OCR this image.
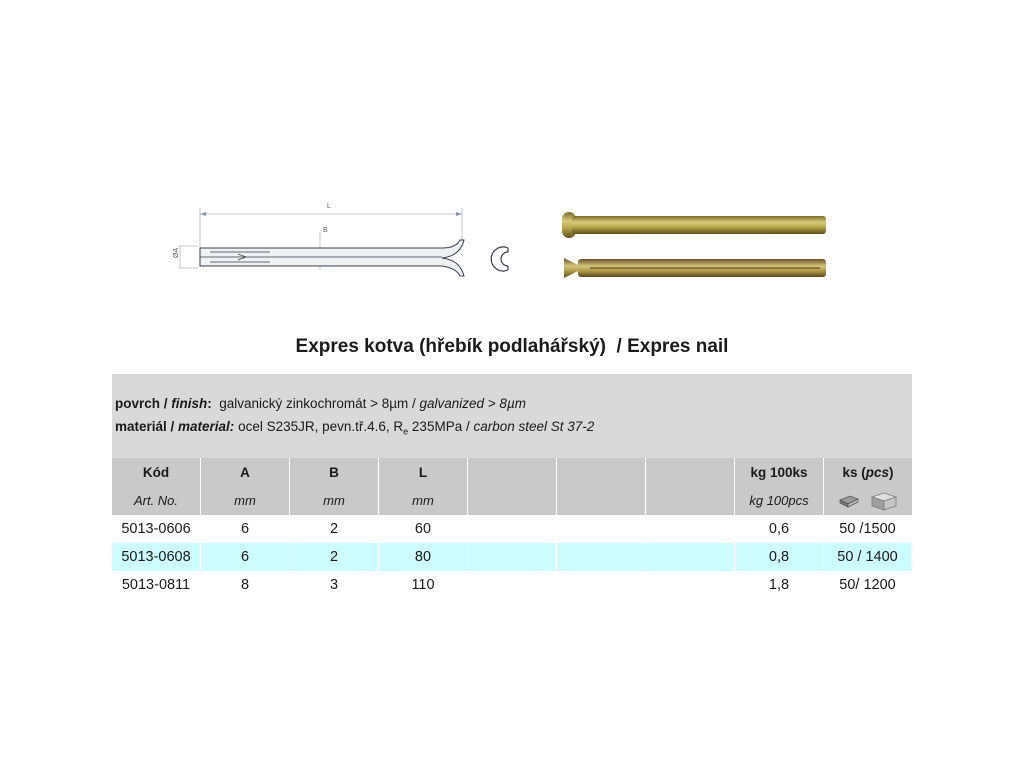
L
B
ØA
Expres kotva (hřebík podlahářský)  / Expres nail
povrch / finish:  galvanický zinkochromát > 8µm / galvanized > 8µm
materiál / material: ocel S235JR, pevn.tř.4.6, $R_e$ 235MPa / carbon steel St 37-2
Kód	A	B	L	kg 100ks	ks ( pcs )
Art. No.	mm	mm	mm	kg 100pcs
5013-0606	6	2	60	0,6	50 /1500
5013-0608	6	2	80	0,8	50 / 1400
5013-0811	8	3	110	1,8	50/ 1200
